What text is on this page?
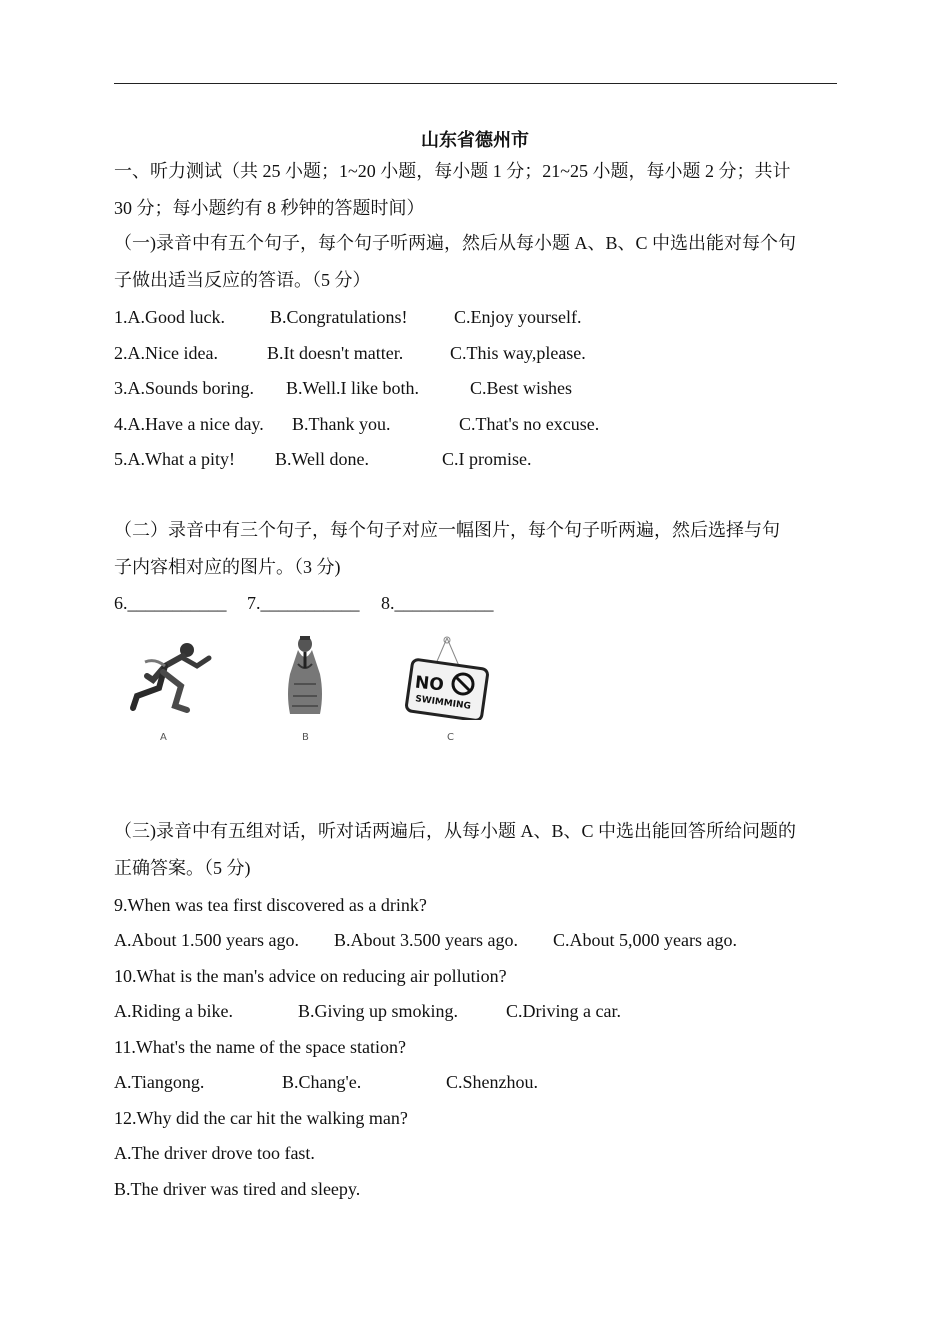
山东省德州市
一、听力测试（共 25 小题；1~20 小题，每小题 1 分；21~25 小题，每小题 2 分；共计
30 分；每小题约有 8 秒钟的答题时间）
（一)录音中有五个句子，每个句子听两遍，然后从每小题 A、B、C 中选出能对每个句
子做出适当反应的答语。（5 分）
1.A.Good luck.	B.Congratulations!	C.Enjoy yourself.
2.A.Nice idea.	B.It doesn't matter.	C.This way,please.
3.A.Sounds boring. B.Well.I like both.	C.Best wishes
4.A.Have a nice day. B.Thank you.	C.That's no excuse.
5.A.What a pity! B.Well done.	C.I promise.
（二）录音中有三个句子，每个句子对应一幅图片，每个句子听两遍，然后选择与句
子内容相对应的图片。（3 分)
6.___________ 7.___________ 8.___________
A	B
NO
SWIMMING
C
（三)录音中有五组对话，听对话两遍后，从每小题 A、B、C 中选出能回答所给问题的
正确答案。（5 分)
9.When was tea first discovered as a drink?
A.About 1.500 years ago. B.About 3.500 years ago. C.About 5,000 years ago.
10.What is the man's advice on reducing air pollution?
A.Riding a bike.	B.Giving up smoking.	C.Driving a car.
11.What's the name of the space station?
A.Tiangong.	B.Chang'e.	C.Shenzhou.
12.Why did the car hit the walking man?
A.The driver drove too fast.
B.The driver was tired and sleepy.
